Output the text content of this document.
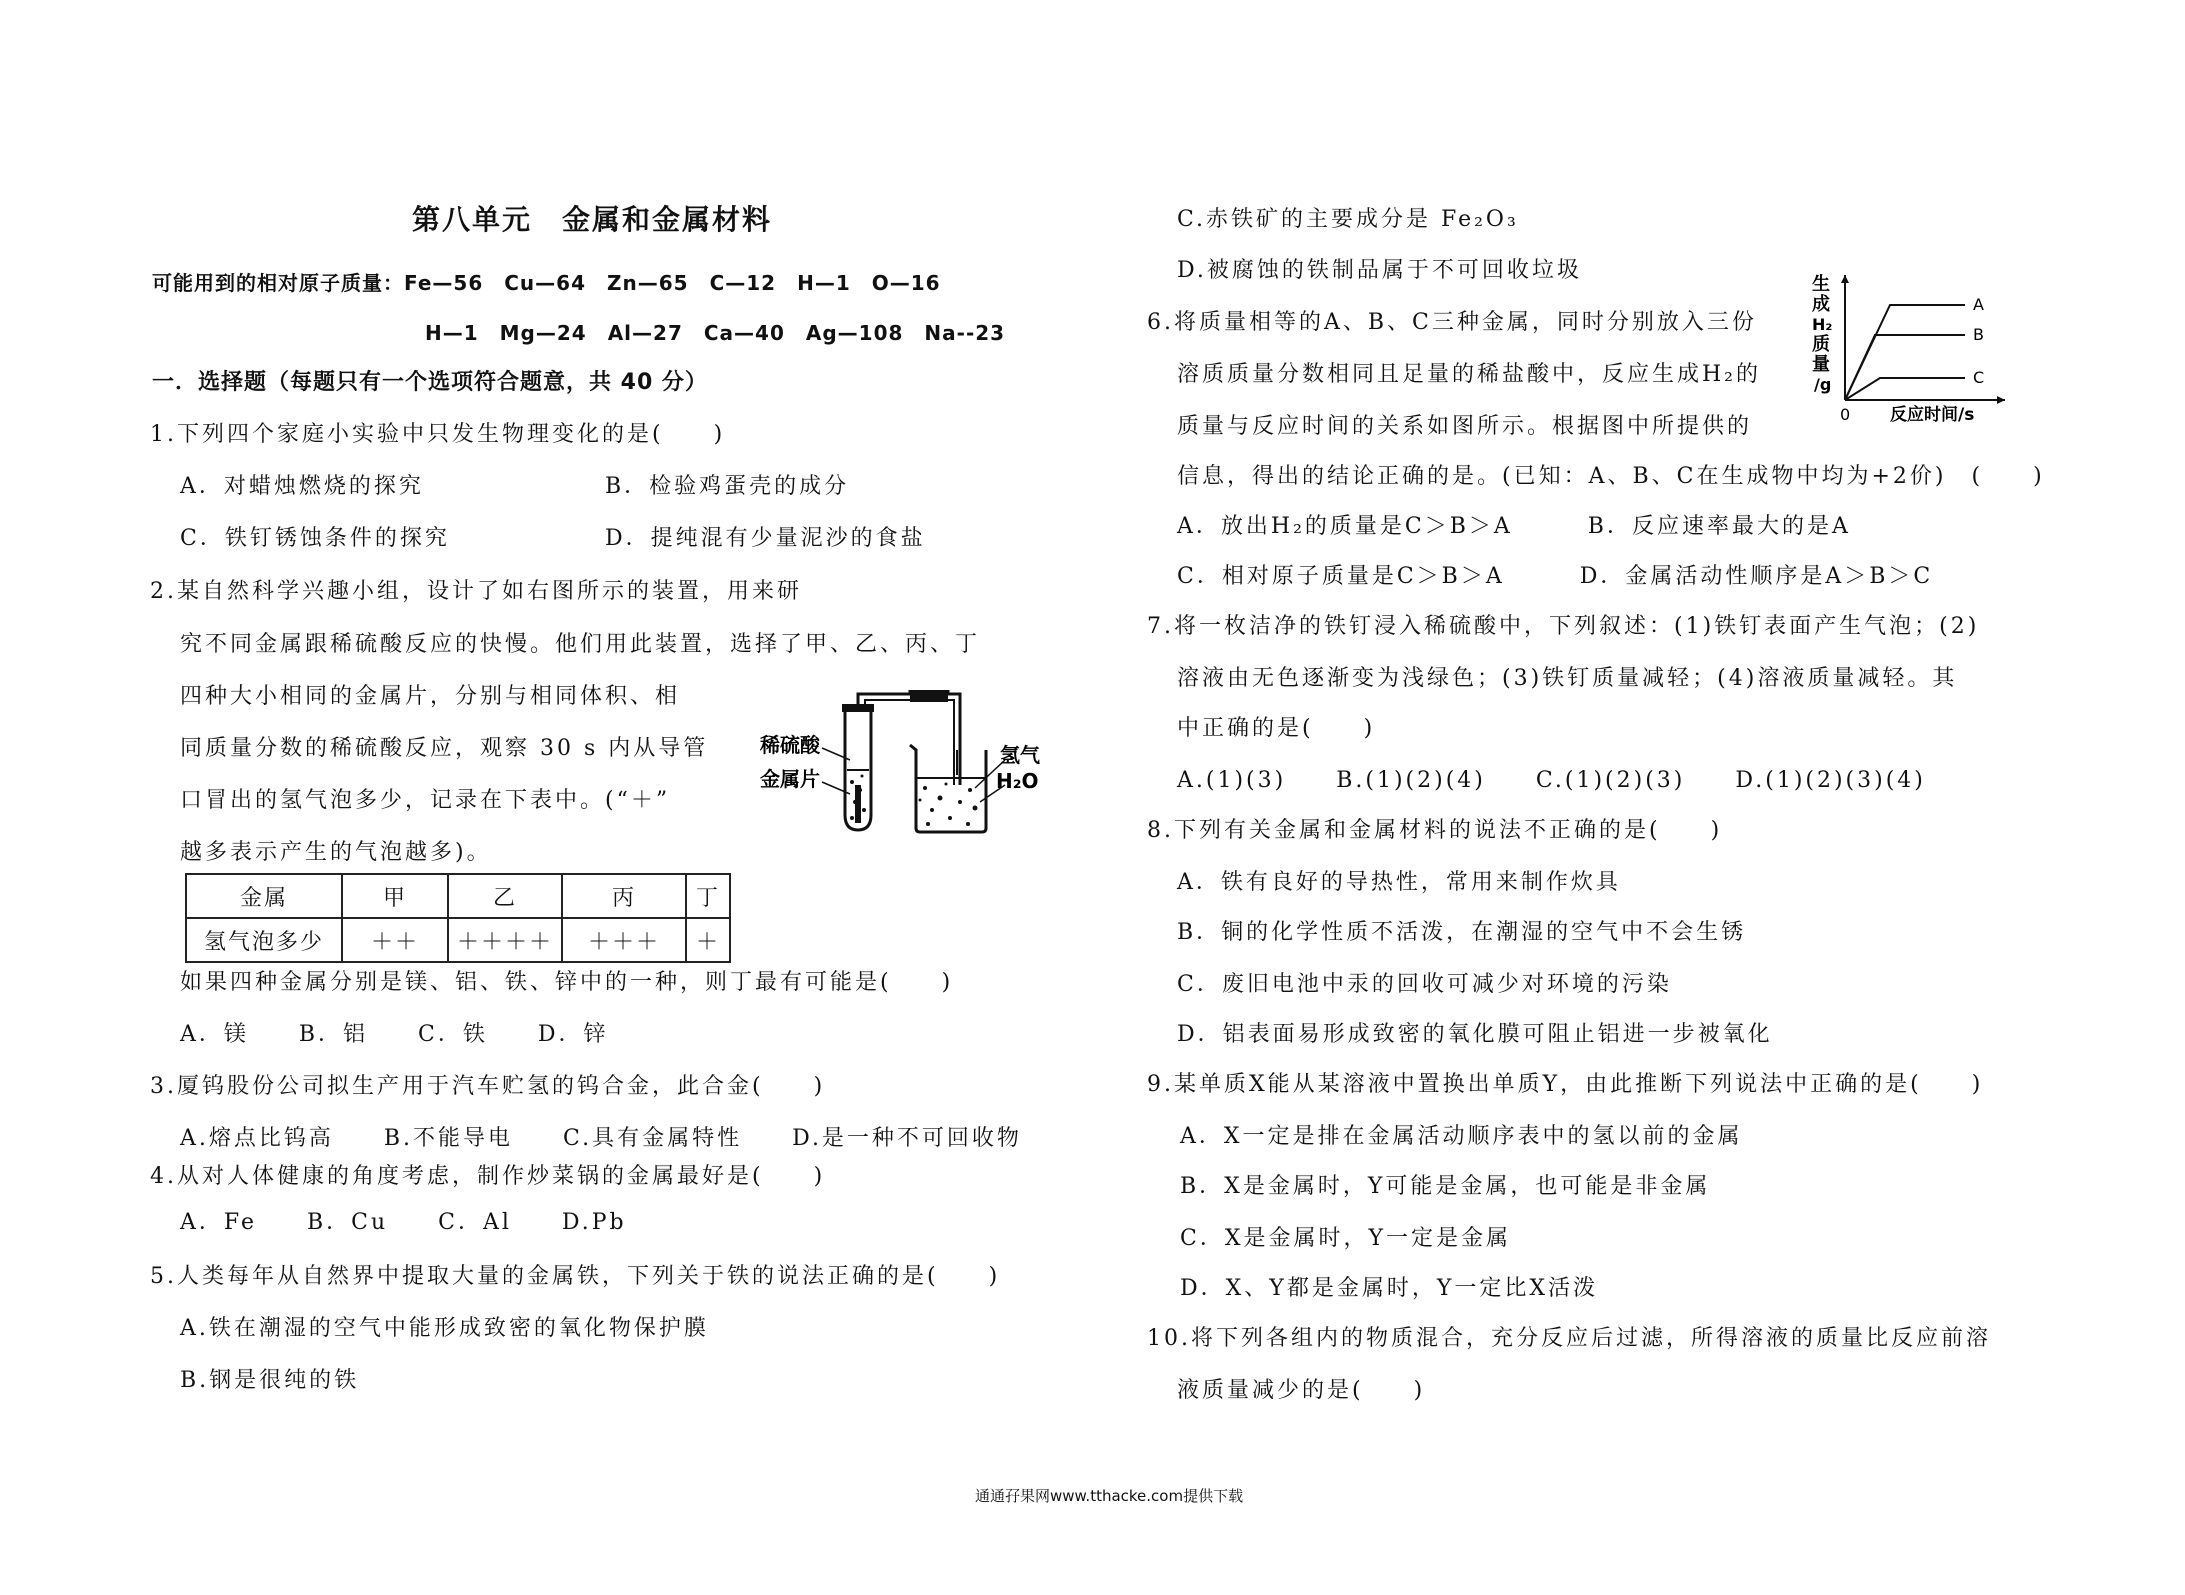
第八单元　金属和金属材料
可能用到的相对原子质量：Fe—56　Cu—64　Zn—65　C—12　H—1　O—16
H—1　Mg—24　Al—27　Ca—40　Ag—108　Na--23
一．选择题（每题只有一个选项符合题意，共 40 分）
1.下列四个家庭小实验中只发生物理变化的是(　　)
A．对蜡烛燃烧的探究	B．检验鸡蛋壳的成分
C．铁钉锈蚀条件的探究	D．提纯混有少量泥沙的食盐
2.某自然科学兴趣小组，设计了如右图所示的装置，用来研
究不同金属跟稀硫酸反应的快慢。他们用此装置，选择了甲、乙、丙、丁
四种大小相同的金属片，分别与相同体积、相
同质量分数的稀硫酸反应，观察 30 s 内从导管
口冒出的氢气泡多少，记录在下表中。(“＋”
越多表示产生的气泡越多)。
稀硫酸
金属片
氢气
H₂O
金属	甲	乙	丙	丁
氢气泡多少	＋＋	＋＋＋＋	＋＋＋	＋
如果四种金属分别是镁、铝、铁、锌中的一种，则丁最有可能是(　　)
A．镁　　B．铝　　C．铁　　D．锌
3.厦钨股份公司拟生产用于汽车贮氢的钨合金，此合金(　　)
A.熔点比钨高　　B.不能导电　　C.具有金属特性　　D.是一种不可回收物
4.从对人体健康的角度考虑，制作炒菜锅的金属最好是(　　)
A．Fe　　B．Cu　　C．Al　　D.Pb
5.人类每年从自然界中提取大量的金属铁，下列关于铁的说法正确的是(　　)
A.铁在潮湿的空气中能形成致密的氧化物保护膜
B.钢是很纯的铁
C.赤铁矿的主要成分是 Fe₂O₃
D.被腐蚀的铁制品属于不可回收垃圾
6.将质量相等的A、B、C三种金属，同时分别放入三份
溶质质量分数相同且足量的稀盐酸中，反应生成H₂的
质量与反应时间的关系如图所示。根据图中所提供的
信息，得出的结论正确的是。(已知：A、B、C在生成物中均为+2价)　(　　)
A．放出H₂的质量是C＞B＞A　　　B．反应速率最大的是A
C．相对原子质量是C＞B＞A　　　D．金属活动性顺序是A＞B＞C
生
成
H₂
质
量
/g
0 反应时间/s
A
B
C
7.将一枚洁净的铁钉浸入稀硫酸中，下列叙述：(1)铁钉表面产生气泡；(2)
溶液由无色逐渐变为浅绿色；(3)铁钉质量减轻；(4)溶液质量减轻。其
中正确的是(　　)
A.(1)(3)　　B.(1)(2)(4)　　C.(1)(2)(3)　　D.(1)(2)(3)(4)
8.下列有关金属和金属材料的说法不正确的是(　　)
A．铁有良好的导热性，常用来制作炊具
B．铜的化学性质不活泼，在潮湿的空气中不会生锈
C．废旧电池中汞的回收可减少对环境的污染
D．铝表面易形成致密的氧化膜可阻止铝进一步被氧化
9.某单质X能从某溶液中置换出单质Y，由此推断下列说法中正确的是(　　)
A．X一定是排在金属活动顺序表中的氢以前的金属
B．X是金属时，Y可能是金属，也可能是非金属
C．X是金属时，Y一定是金属
D．X、Y都是金属时，Y一定比X活泼
10.将下列各组内的物质混合，充分反应后过滤，所得溶液的质量比反应前溶
液质量减少的是(　　)
通通孖果网www.tthacke.com提供下载
